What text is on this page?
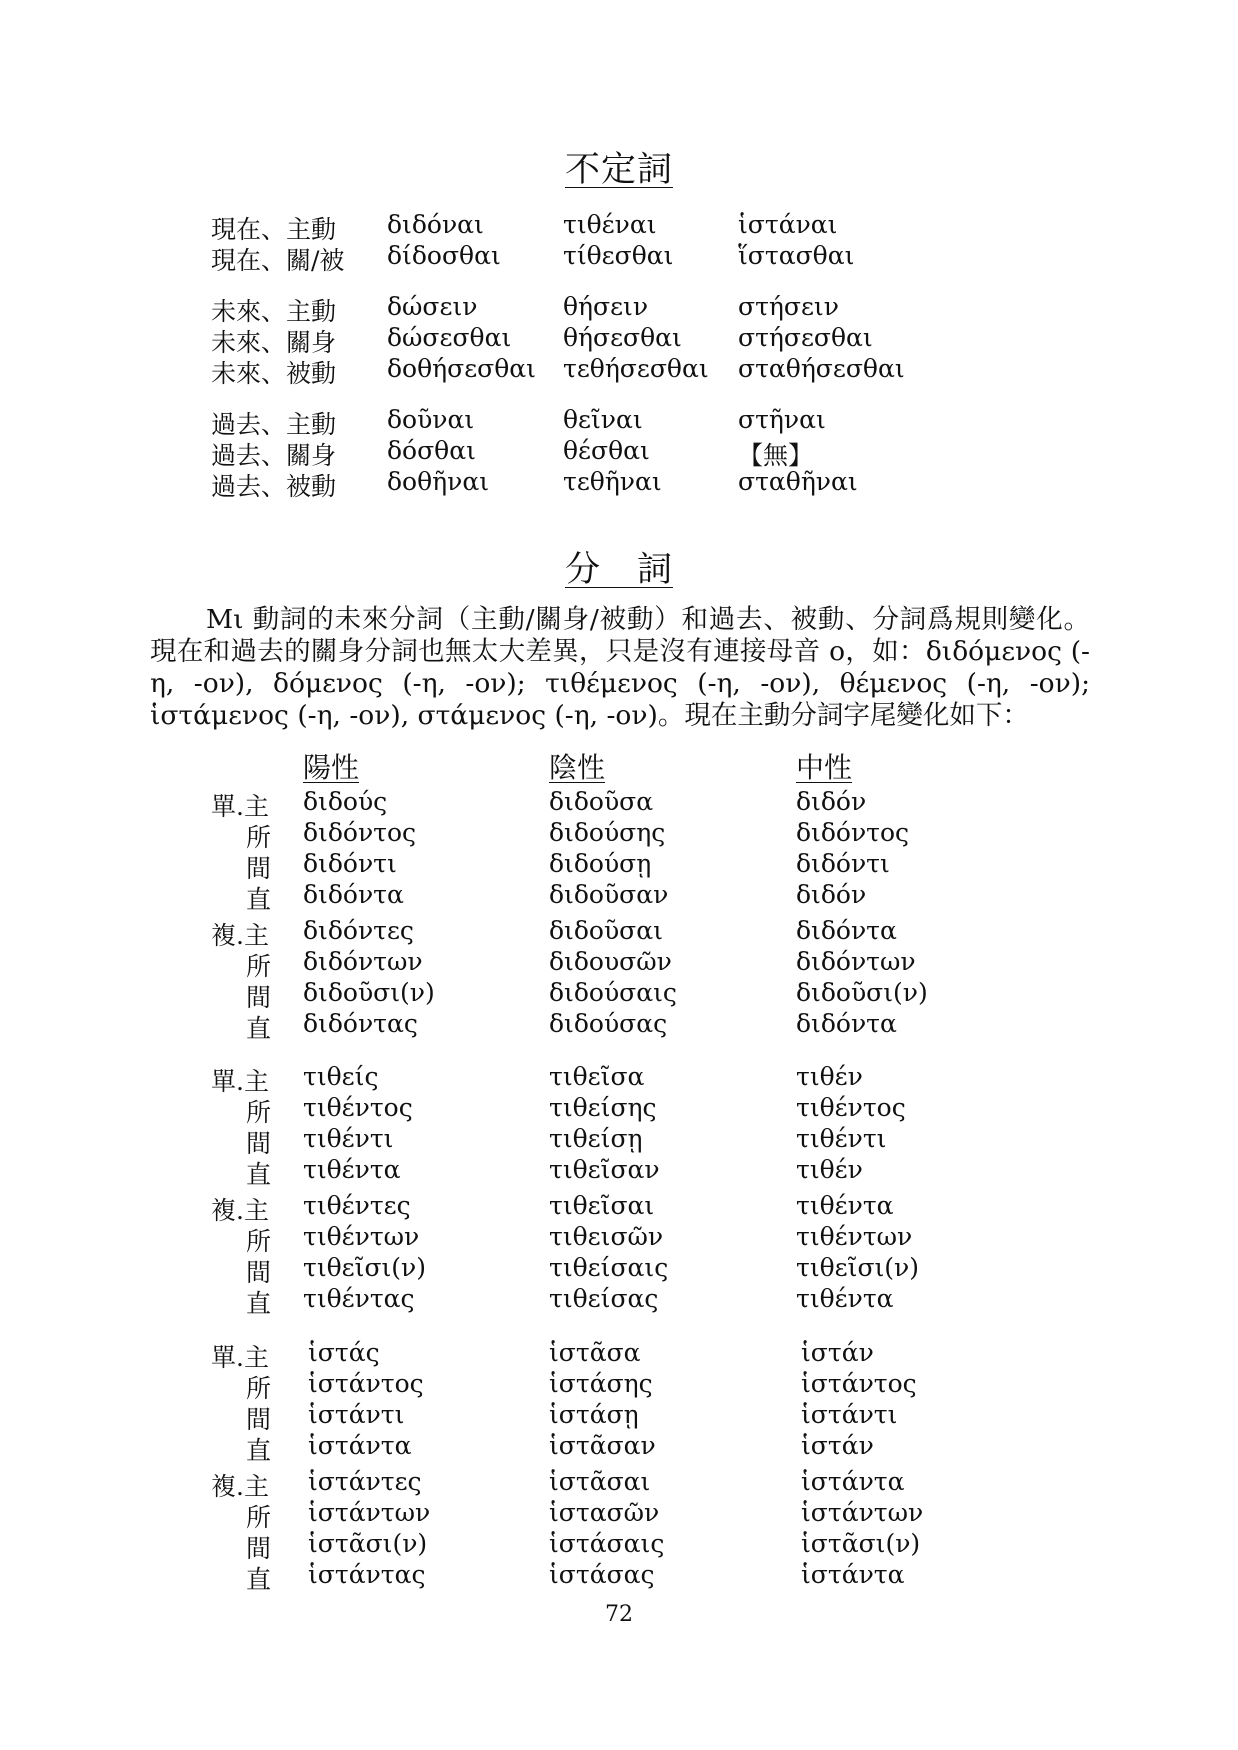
不定詞
現在、主動 διδόναι	τιθέναι	ἱστάναι
現在、關/被 δίδοσθαι τίθεσθαι	ἵστασθαι
未來、主動 δώσειν	θήσειν	στήσειν
未來、關身 δώσεσθαι θήσεσθαι στήσεσθαι
未來、被動 δοθήσεσθαι τεθήσεσθαι σταθήσεσθαι
過去、主動 δοῦναι	θεῖναι	στῆναι
過去、關身 δόσθαι	θέσθαι	【無】
過去、被動 δοθῆναι	τεθῆναι	σταθῆναι
分　詞
Μι 動詞的未來分詞（主動/關身/被動）和過去、被動、分詞爲規則變化。現在和過去的關身分詞也無太大差異，只是沒有連接母音 ο，如：διδόμενος (-η, -ον), δόμενος (-η, -ον); τιθέμενος (-η, -ον), θέμενος (-η, -ον); ἱστάμενος (-η, -ον), στάμενος (-η, -ον)。現在主動分詞字尾變化如下：
陽性	陰性	中性
單.主 διδούς	διδοῦσα	διδόν
所 διδόντος	διδούσης	διδόντος
間 διδόντι	διδούσῃ	διδόντι
直 διδόντα	διδοῦσαν	διδόν
複.主 διδόντες	διδοῦσαι	διδόντα
所 διδόντων	διδουσῶν	διδόντων
間 διδοῦσι(ν)	διδούσαις	διδοῦσι(ν)
直 διδόντας	διδούσας	διδόντα
單.主 τιθείς	τιθεῖσα	τιθέν
所 τιθέντος	τιθείσης	τιθέντος
間 τιθέντι	τιθείσῃ	τιθέντι
直 τιθέντα	τιθεῖσαν	τιθέν
複.主 τιθέντες	τιθεῖσαι	τιθέντα
所 τιθέντων	τιθεισῶν	τιθέντων
間 τιθεῖσι(ν)	τιθείσαις	τιθεῖσι(ν)
直 τιθέντας	τιθείσας	τιθέντα
單.主 ἱστάς	ἱστᾶσα	ἱστάν
所 ἱστάντος	ἱστάσης	ἱστάντος
間 ἱστάντι	ἱστάσῃ	ἱστάντι
直 ἱστάντα	ἱστᾶσαν	ἱστάν
複.主 ἱστάντες	ἱστᾶσαι	ἱστάντα
所 ἱστάντων	ἱστασῶν	ἱστάντων
間 ἱστᾶσι(ν)	ἱστάσαις	ἱστᾶσι(ν)
直 ἱστάντας	ἱστάσας	ἱστάντα
72
